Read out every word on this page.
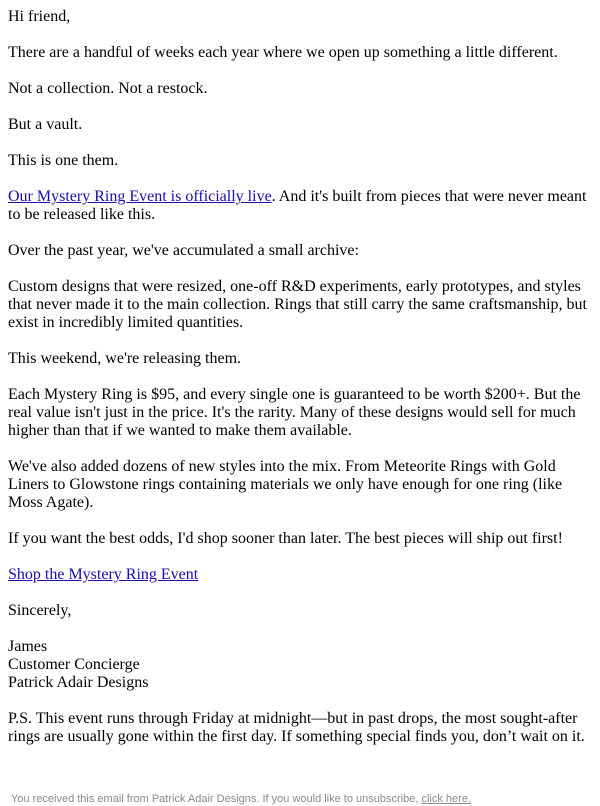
Hi friend,

There are a handful of weeks each year where we open up something a little different.

Not a collection. Not a restock.

But a vault.

This is one them.

Our Mystery Ring Event is officially live. And it's built from pieces that were never meant to be released like this.

Over the past year, we've accumulated a small archive:

Custom designs that were resized, one-off R&D experiments, early prototypes, and styles that never made it to the main collection. Rings that still carry the same craftsmanship, but exist in incredibly limited quantities.

This weekend, we're releasing them.

Each Mystery Ring is $95, and every single one is guaranteed to be worth $200+. But the real value isn't just in the price. It's the rarity. Many of these designs would sell for much higher than that if we wanted to make them available.

We've also added dozens of new styles into the mix. From Meteorite Rings with Gold Liners to Glowstone rings containing materials we only have enough for one ring (like Moss Agate).

If you want the best odds, I'd shop sooner than later. The best pieces will ship out first!

Shop the Mystery Ring Event

Sincerely,

James
Customer Concierge
Patrick Adair Designs

P.S. This event runs through Friday at midnight—but in past drops, the most sought-after rings are usually gone within the first day. If something special finds you, don’t wait on it.

You received this email from Patrick Adair Designs. If you would like to unsubscribe, click here.
